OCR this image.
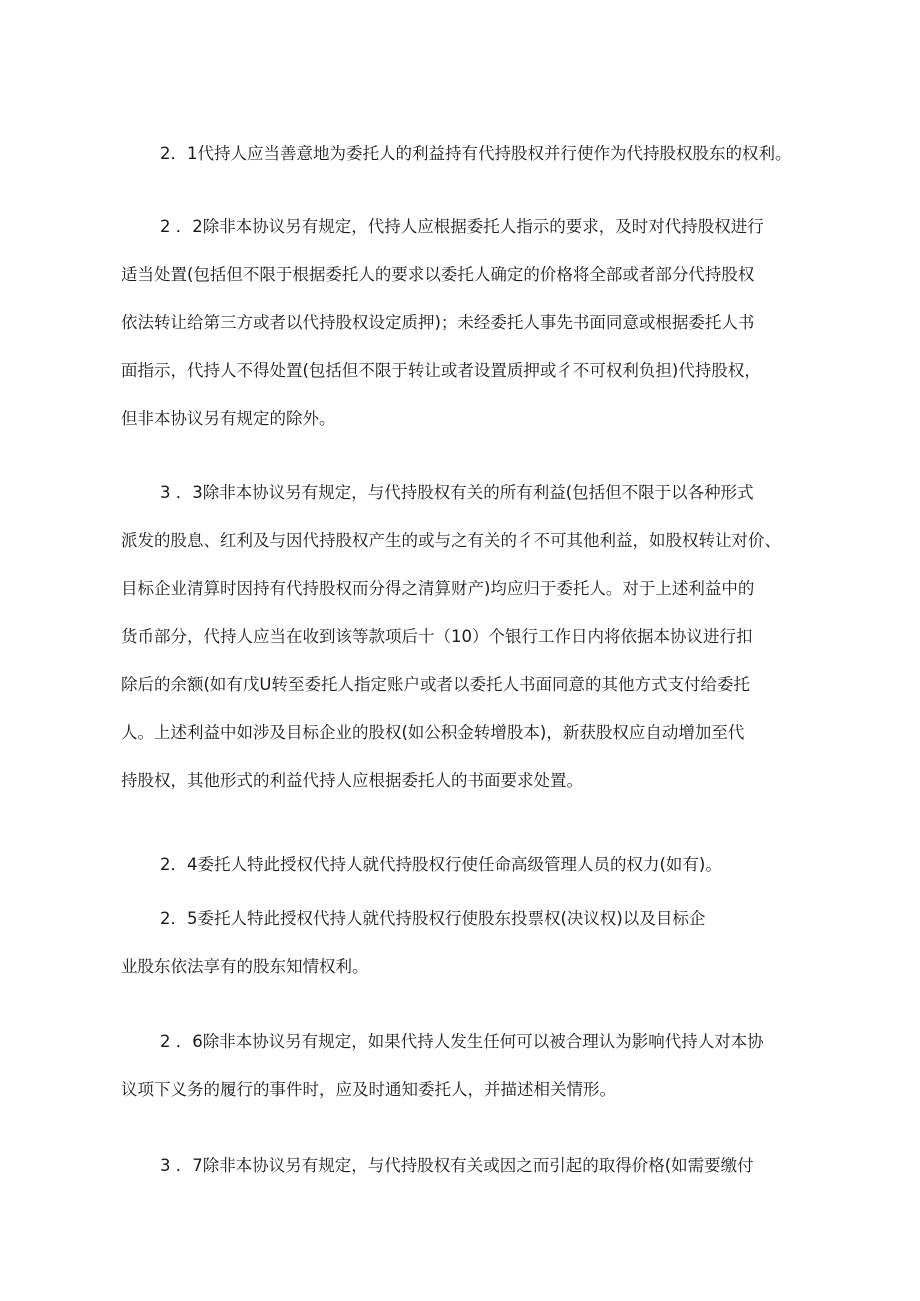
2．1代持人应当善意地为委托人的利益持有代持股权并行使作为代持股权股东的权利。
2 ．2除非本协议另有规定，代持人应根据委托人指示的要求，及时对代持股权进行
适当处置(包括但不限于根据委托人的要求以委托人确定的价格将全部或者部分代持股权
依法转让给第三方或者以代持股权设定质押)；未经委托人事先书面同意或根据委托人书
面指示，代持人不得处置(包括但不限于转让或者设置质押或彳不可权利负担)代持股权，
但非本协议另有规定的除外。
3 ．3除非本协议另有规定，与代持股权有关的所有利益(包括但不限于以各种形式
派发的股息、红利及与因代持股权产生的或与之有关的彳不可其他利益，如股权转让对价、
目标企业清算时因持有代持股权而分得之清算财产)均应归于委托人。对于上述利益中的
货币部分，代持人应当在收到该等款项后十（10）个银行工作日内将依据本协议进行扣
除后的余额(如有戊U转至委托人指定账户或者以委托人书面同意的其他方式支付给委托
人。上述利益中如涉及目标企业的股权(如公积金转增股本)，新获股权应自动增加至代
持股权，其他形式的利益代持人应根据委托人的书面要求处置。
2．4委托人特此授权代持人就代持股权行使任命高级管理人员的权力(如有)。
2．5委托人特此授权代持人就代持股权行使股东投票权(决议权)以及目标企
业股东依法享有的股东知情权利。
2 ．6除非本协议另有规定，如果代持人发生任何可以被合理认为影响代持人对本协
议项下义务的履行的事件时，应及时通知委托人，并描述相关情形。
3 ．7除非本协议另有规定，与代持股权有关或因之而引起的取得价格(如需要缴付
